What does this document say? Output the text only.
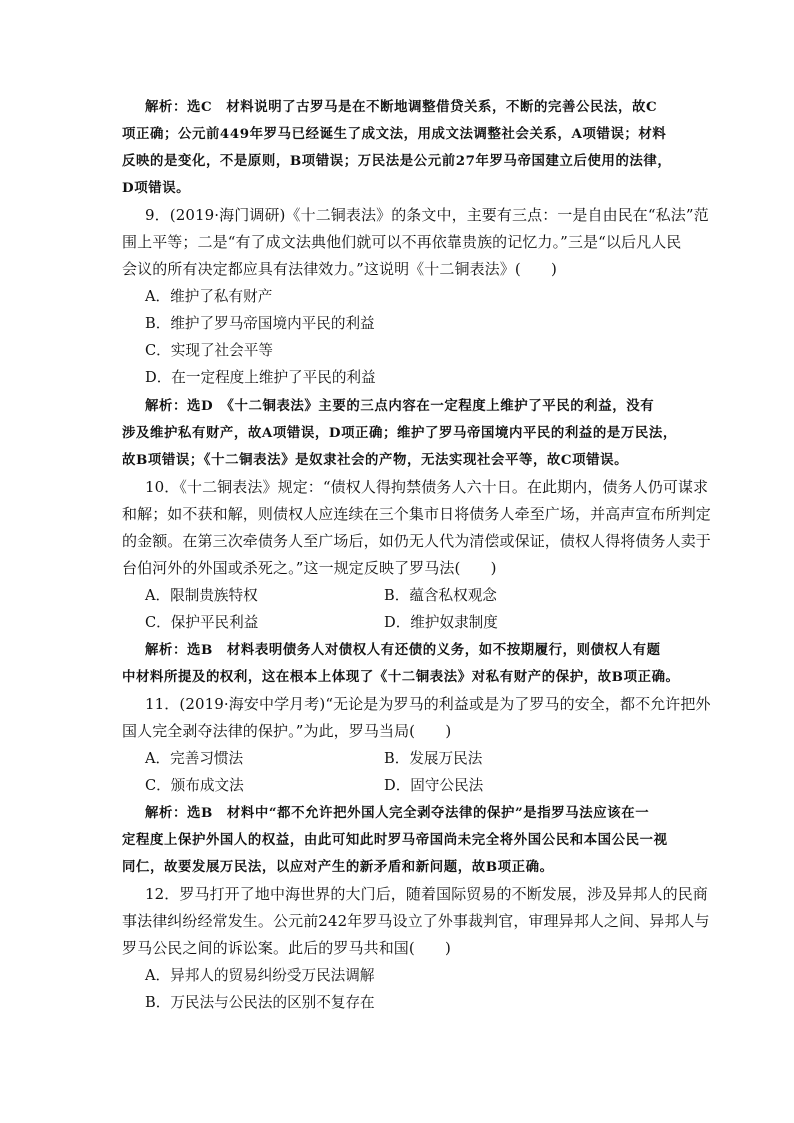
解析：选C　材料说明了古罗马是在不断地调整借贷关系，不断的完善公民法，故C
项正确；公元前449年罗马已经诞生了成文法，用成文法调整社会关系，A项错误；材料
反映的是变化，不是原则，B项错误；万民法是公元前27年罗马帝国建立后使用的法律，
D项错误。
9．(2019·海门调研)《十二铜表法》的条文中，主要有三点：一是自由民在“私法”范
围上平等；二是“有了成文法典他们就可以不再依靠贵族的记忆力。”三是“以后凡人民
会议的所有决定都应具有法律效力。”这说明《十二铜表法》(　　)
A．维护了私有财产
B．维护了罗马帝国境内平民的利益
C．实现了社会平等
D．在一定程度上维护了平民的利益
解析：选D　《十二铜表法》主要的三点内容在一定程度上维护了平民的利益，没有
涉及维护私有财产，故A项错误，D项正确；维护了罗马帝国境内平民的利益的是万民法，
故B项错误；《十二铜表法》是奴隶社会的产物，无法实现社会平等，故C项错误。
10．《十二铜表法》规定：“债权人得拘禁债务人六十日。在此期内，债务人仍可谋求
和解；如不获和解，则债权人应连续在三个集市日将债务人牵至广场，并高声宣布所判定
的金额。在第三次牵债务人至广场后，如仍无人代为清偿或保证，债权人得将债务人卖于
台伯河外的外国或杀死之。”这一规定反映了罗马法(　　)
A．限制贵族特权	B．蕴含私权观念
C．保护平民利益	D．维护奴隶制度
解析：选B　材料表明债务人对债权人有还债的义务，如不按期履行，则债权人有题
中材料所提及的权利，这在根本上体现了《十二铜表法》对私有财产的保护，故B项正确。
11．(2019·海安中学月考)“无论是为罗马的利益或是为了罗马的安全，都不允许把外
国人完全剥夺法律的保护。”为此，罗马当局(　　)
A．完善习惯法	B．发展万民法
C．颁布成文法	D．固守公民法
解析：选B　材料中“都不允许把外国人完全剥夺法律的保护”是指罗马法应该在一
定程度上保护外国人的权益，由此可知此时罗马帝国尚未完全将外国公民和本国公民一视
同仁，故要发展万民法，以应对产生的新矛盾和新问题，故B项正确。
12．罗马打开了地中海世界的大门后，随着国际贸易的不断发展，涉及异邦人的民商
事法律纠纷经常发生。公元前242年罗马设立了外事裁判官，审理异邦人之间、异邦人与
罗马公民之间的诉讼案。此后的罗马共和国(　　)
A．异邦人的贸易纠纷受万民法调解
B．万民法与公民法的区别不复存在
